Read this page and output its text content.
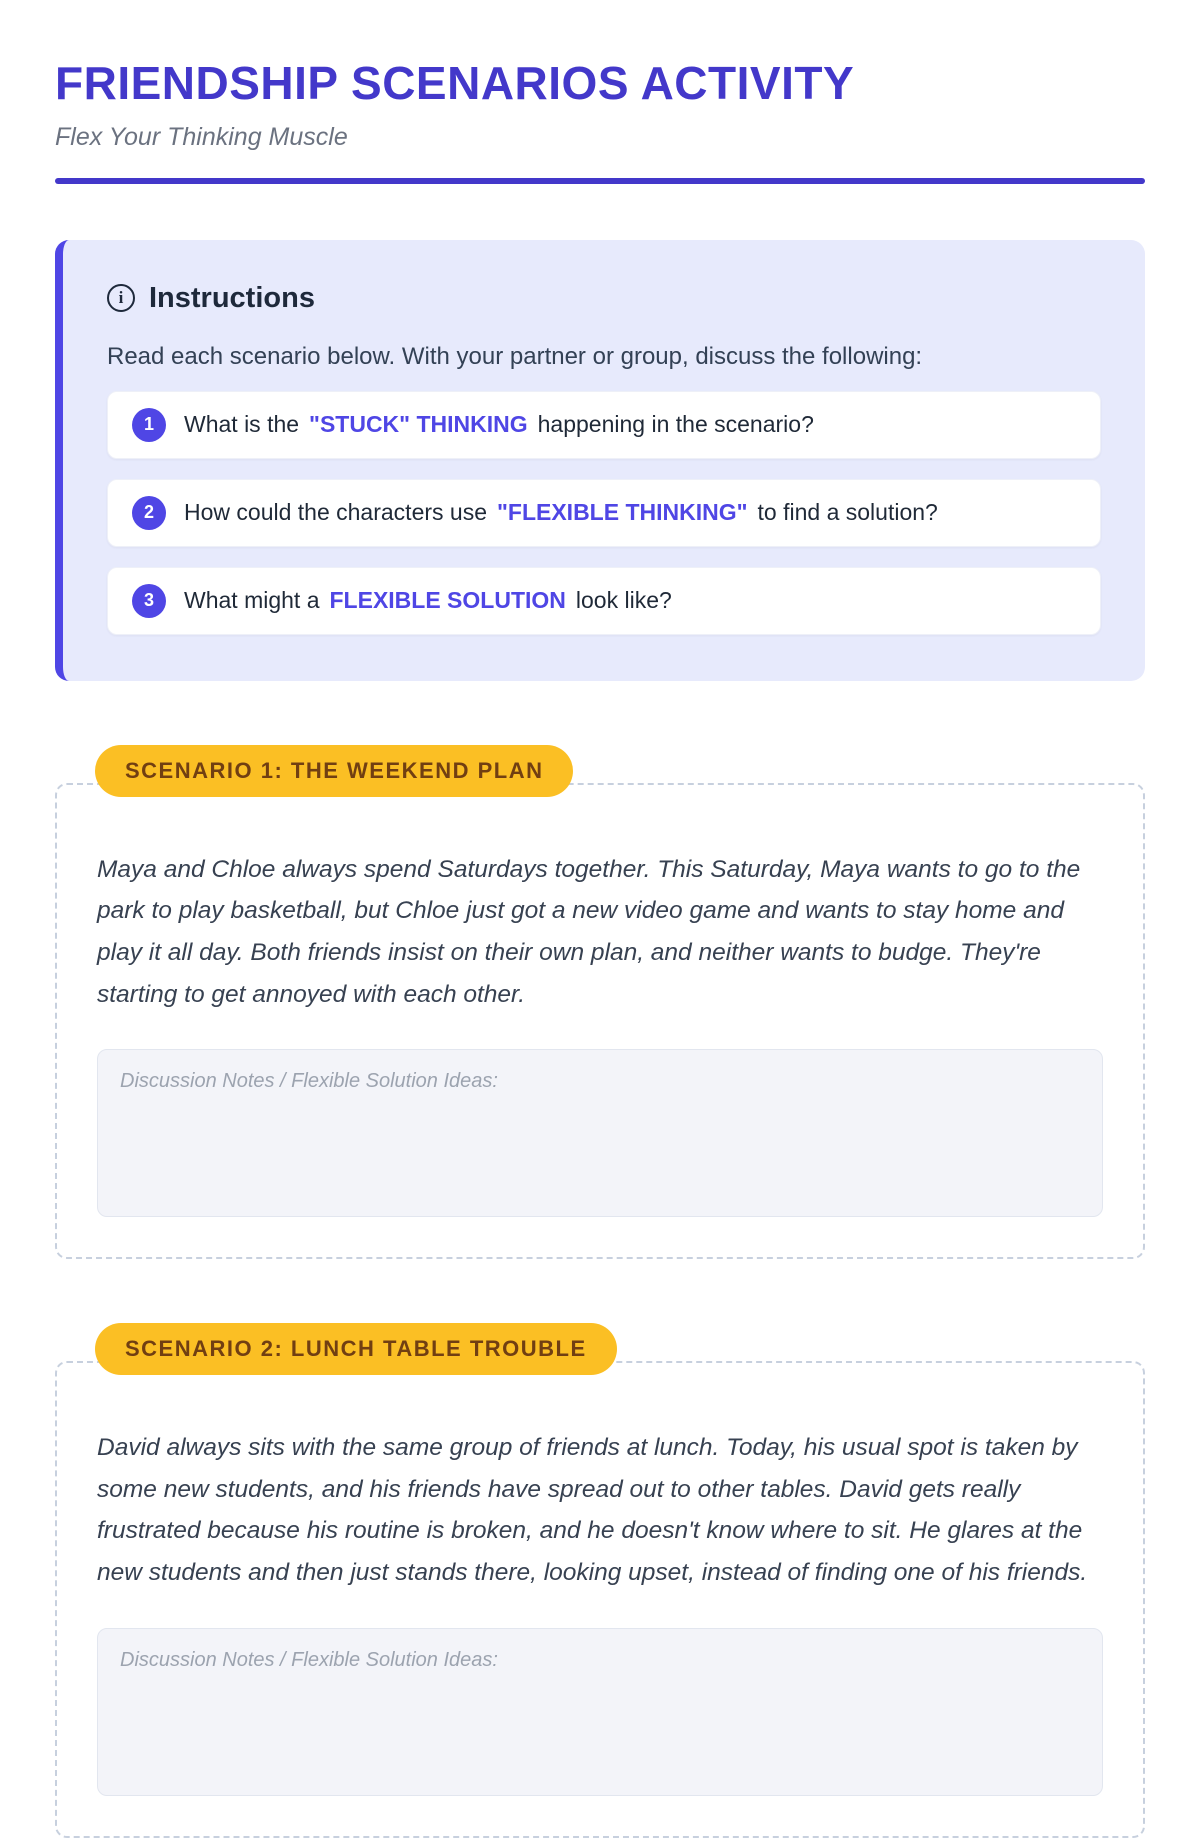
FRIENDSHIP SCENARIOS ACTIVITY

Flex Your Thinking Muscle

i Instructions

Read each scenario below. With your partner or group, discuss the following:

1	What is the "STUCK" THINKING happening in the scenario?
2	How could the characters use "FLEXIBLE THINKING" to find a solution?
3	What might a FLEXIBLE SOLUTION look like?
SCENARIO 1: THE WEEKEND PLAN

Maya and Chloe always spend Saturdays together. This Saturday, Maya wants to go to the park to play basketball, but Chloe just got a new video game and wants to stay home and play it all day. Both friends insist on their own plan, and neither wants to budge. They're starting to get annoyed with each other.

Discussion Notes / Flexible Solution Ideas:
SCENARIO 2: LUNCH TABLE TROUBLE

David always sits with the same group of friends at lunch. Today, his usual spot is taken by some new students, and his friends have spread out to other tables. David gets really frustrated because his routine is broken, and he doesn't know where to sit. He glares at the new students and then just stands there, looking upset, instead of finding one of his friends.

Discussion Notes / Flexible Solution Ideas:
